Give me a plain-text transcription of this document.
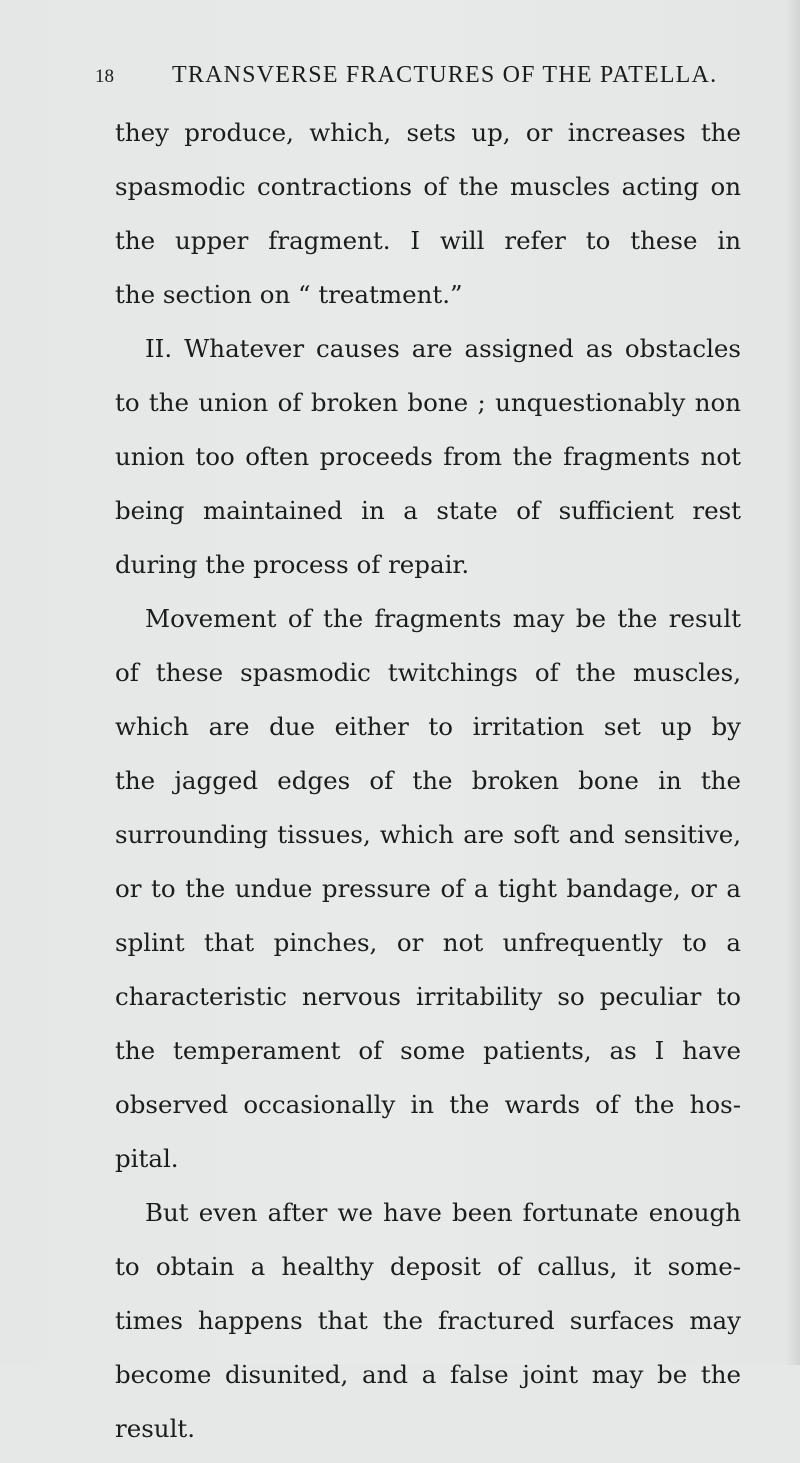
18 TRANSVERSE FRACTURES OF THE PATELLA.
they produce, which, sets up, or increases the
spasmodic contractions of the muscles acting on
the upper fragment. I will refer to these in
the section on “ treatment.”
II. Whatever causes are assigned as obstacles
to the union of broken bone ; unquestionably non
union too often proceeds from the fragments not
being maintained in a state of sufficient rest
during the process of repair.
Movement of the fragments may be the result
of these spasmodic twitchings of the muscles,
which are due either to irritation set up by
the jagged edges of the broken bone in the
surrounding tissues, which are soft and sensitive,
or to the undue pressure of a tight bandage, or a
splint that pinches, or not unfrequently to a
characteristic nervous irritability so peculiar to
the temperament of some patients, as I have
observed occasionally in the wards of the hos-
pital.
But even after we have been fortunate enough
to obtain a healthy deposit of callus, it some-
times happens that the fractured surfaces may
become disunited, and a false joint may be the
result.
